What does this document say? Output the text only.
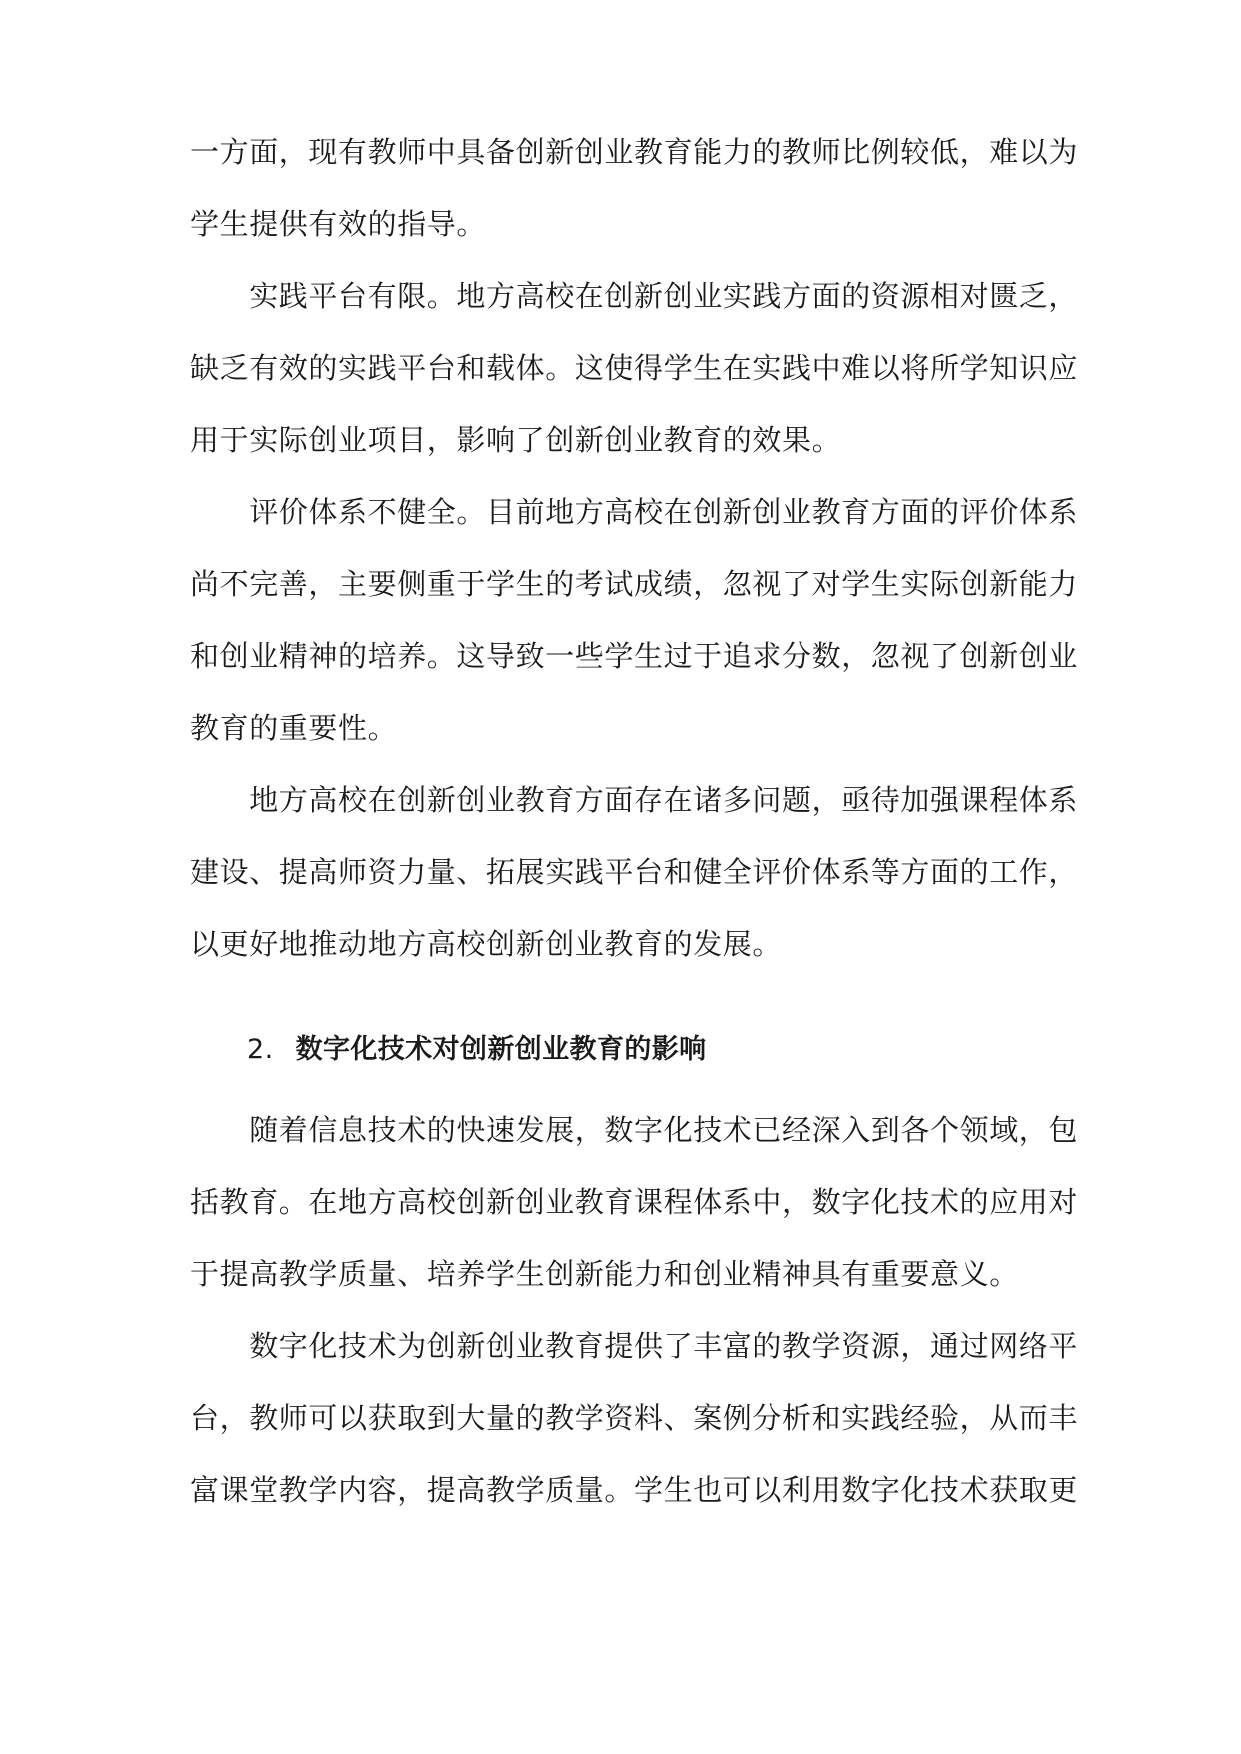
一方面，现有教师中具备创新创业教育能力的教师比例较低，难以为
学生提供有效的指导。
　　实践平台有限。地方高校在创新创业实践方面的资源相对匮乏，
缺乏有效的实践平台和载体。这使得学生在实践中难以将所学知识应
用于实际创业项目，影响了创新创业教育的效果。
　　评价体系不健全。目前地方高校在创新创业教育方面的评价体系
尚不完善，主要侧重于学生的考试成绩，忽视了对学生实际创新能力
和创业精神的培养。这导致一些学生过于追求分数，忽视了创新创业
教育的重要性。
　　地方高校在创新创业教育方面存在诸多问题，亟待加强课程体系
建设、提高师资力量、拓展实践平台和健全评价体系等方面的工作，
以更好地推动地方高校创新创业教育的发展。
2. 数字化技术对创新创业教育的影响
　　随着信息技术的快速发展，数字化技术已经深入到各个领域，包
括教育。在地方高校创新创业教育课程体系中，数字化技术的应用对
于提高教学质量、培养学生创新能力和创业精神具有重要意义。
　　数字化技术为创新创业教育提供了丰富的教学资源，通过网络平
台，教师可以获取到大量的教学资料、案例分析和实践经验，从而丰
富课堂教学内容，提高教学质量。学生也可以利用数字化技术获取更
